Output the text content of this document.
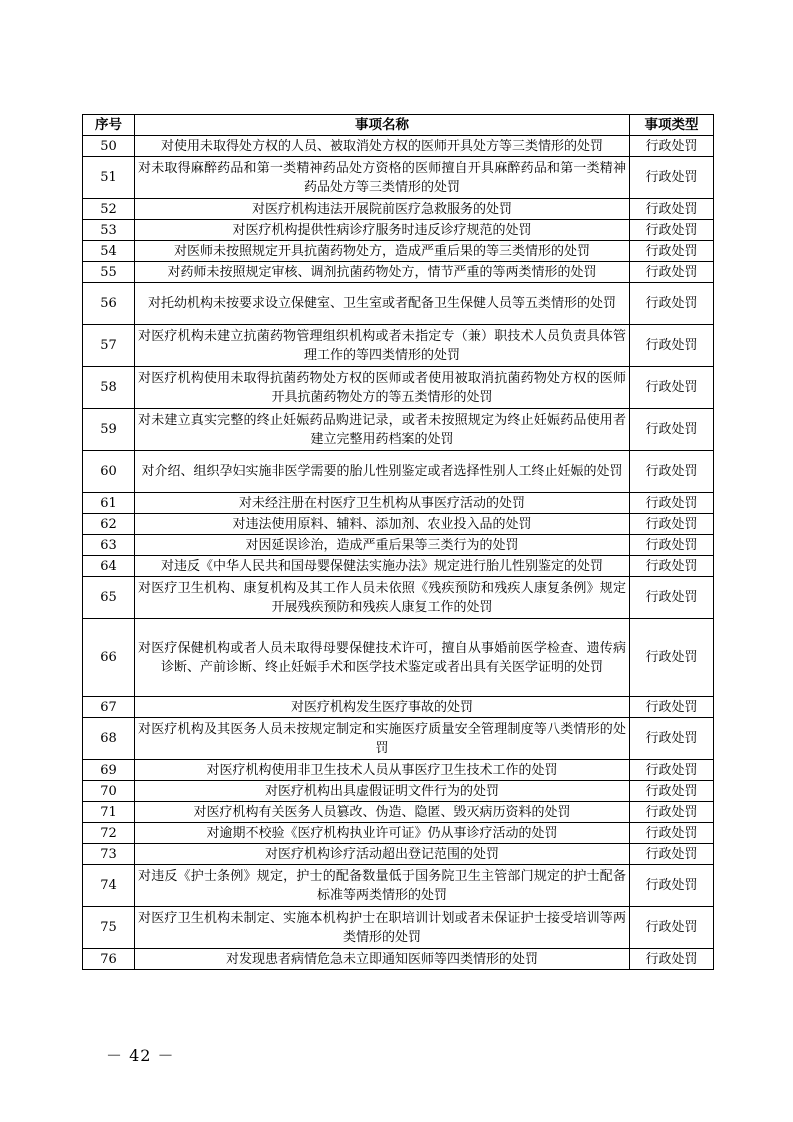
序号	事项名称	事项类型
50	对使用未取得处方权的人员、被取消处方权的医师开具处方等三类情形的处罚	行政处罚
51	对未取得麻醉药品和第一类精神药品处方资格的医师擅自开具麻醉药品和第一类精神药品处方等三类情形的处罚	行政处罚
52	对医疗机构违法开展院前医疗急救服务的处罚	行政处罚
53	对医疗机构提供性病诊疗服务时违反诊疗规范的处罚	行政处罚
54	对医师未按照规定开具抗菌药物处方，造成严重后果的等三类情形的处罚	行政处罚
55	对药师未按照规定审核、调剂抗菌药物处方，情节严重的等两类情形的处罚	行政处罚
56	对托幼机构未按要求设立保健室、卫生室或者配备卫生保健人员等五类情形的处罚	行政处罚
57	对医疗机构未建立抗菌药物管理组织机构或者未指定专（兼）职技术人员负责具体管理工作的等四类情形的处罚	行政处罚
58	对医疗机构使用未取得抗菌药物处方权的医师或者使用被取消抗菌药物处方权的医师开具抗菌药物处方的等五类情形的处罚	行政处罚
59	对未建立真实完整的终止妊娠药品购进记录，或者未按照规定为终止妊娠药品使用者建立完整用药档案的处罚	行政处罚
60	对介绍、组织孕妇实施非医学需要的胎儿性别鉴定或者选择性别人工终止妊娠的处罚	行政处罚
61	对未经注册在村医疗卫生机构从事医疗活动的处罚	行政处罚
62	对违法使用原料、辅料、添加剂、农业投入品的处罚	行政处罚
63	对因延误诊治，造成严重后果等三类行为的处罚	行政处罚
64	对违反《中华人民共和国母婴保健法实施办法》规定进行胎儿性别鉴定的处罚	行政处罚
65	对医疗卫生机构、康复机构及其工作人员未依照《残疾预防和残疾人康复条例》规定开展残疾预防和残疾人康复工作的处罚	行政处罚
66	对医疗保健机构或者人员未取得母婴保健技术许可，擅自从事婚前医学检查、遗传病诊断、产前诊断、终止妊娠手术和医学技术鉴定或者出具有关医学证明的处罚	行政处罚
67	对医疗机构发生医疗事故的处罚	行政处罚
68	对医疗机构及其医务人员未按规定制定和实施医疗质量安全管理制度等八类情形的处罚	行政处罚
69	对医疗机构使用非卫生技术人员从事医疗卫生技术工作的处罚	行政处罚
70	对医疗机构出具虚假证明文件行为的处罚	行政处罚
71	对医疗机构有关医务人员篡改、伪造、隐匿、毁灭病历资料的处罚	行政处罚
72	对逾期不校验《医疗机构执业许可证》仍从事诊疗活动的处罚	行政处罚
73	对医疗机构诊疗活动超出登记范围的处罚	行政处罚
74	对违反《护士条例》规定，护士的配备数量低于国务院卫生主管部门规定的护士配备标准等两类情形的处罚	行政处罚
75	对医疗卫生机构未制定、实施本机构护士在职培训计划或者未保证护士接受培训等两类情形的处罚	行政处罚
76	对发现患者病情危急未立即通知医师等四类情形的处罚	行政处罚
－ 42 －
